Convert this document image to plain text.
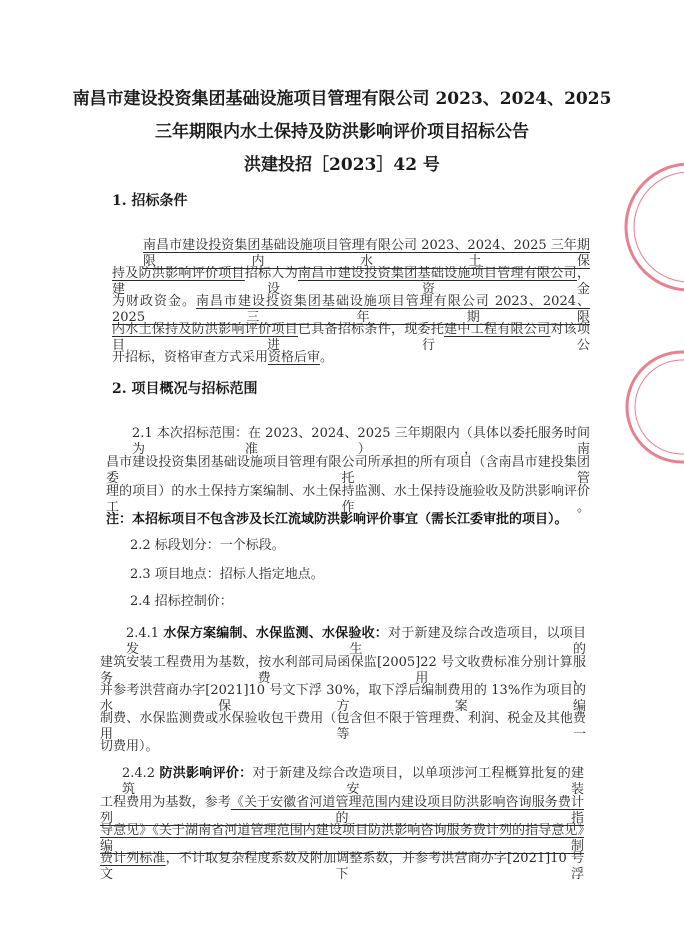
南昌市建设投资集团基础设施项目管理有限公司 2023、2024、2025
三年期限内水土保持及防洪影响评价项目招标公告
洪建投招［2023］42 号
1. 招标条件
2. 项目概况与招标范围
南昌市建设投资集团基础设施项目管理有限公司 2023、2024、2025 三年期限内水土保
持及防洪影响评价项目招标人为南昌市建设投资集团基础设施项目管理有限公司，建设资金
为财政资金。南昌市建设投资集团基础设施项目管理有限公司 2023、2024、2025 三年期限
内水土保持及防洪影响评价项目已具备招标条件，现委托建中工程有限公司对该项目进行公
开招标，资格审查方式采用资格后审。
2.1 本次招标范围：在 2023、2024、2025 三年期限内（具体以委托服务时间为准），南
昌市建设投资集团基础设施项目管理有限公司所承担的所有项目（含南昌市建投集团委托管
理的项目）的水土保持方案编制、水土保持监测、水土保持设施验收及防洪影响评价工作。
注：本招标项目不包含涉及长江流域防洪影响评价事宜（需长江委审批的项目）。
2.2 标段划分：一个标段。
2.3 项目地点：招标人指定地点。
2.4 招标控制价：
2.4.1 水保方案编制、水保监测、水保验收：对于新建及综合改造项目，以项目发生的
建筑安装工程费用为基数，按水利部司局函保监[2005]22 号文收费标准分别计算服务费用，
并参考洪营商办字[2021]10 号文下浮 30%，取下浮后编制费用的 13%作为项目的水保方案编
制费、水保监测费或水保验收包干费用（包含但不限于管理费、利润、税金及其他费用等一
切费用）。
2.4.2 防洪影响评价：对于新建及综合改造项目，以单项涉河工程概算批复的建筑安装
工程费用为基数，参考《关于安徽省河道管理范围内建设项目防洪影响咨询服务费计列的指
导意见》《关于湖南省河道管理范围内建设项目防洪影响咨询服务费计列的指导意见》编制
费计列标准，不计取复杂程度系数及附加调整系数，并参考洪营商办字[2021]10 号文下浮
